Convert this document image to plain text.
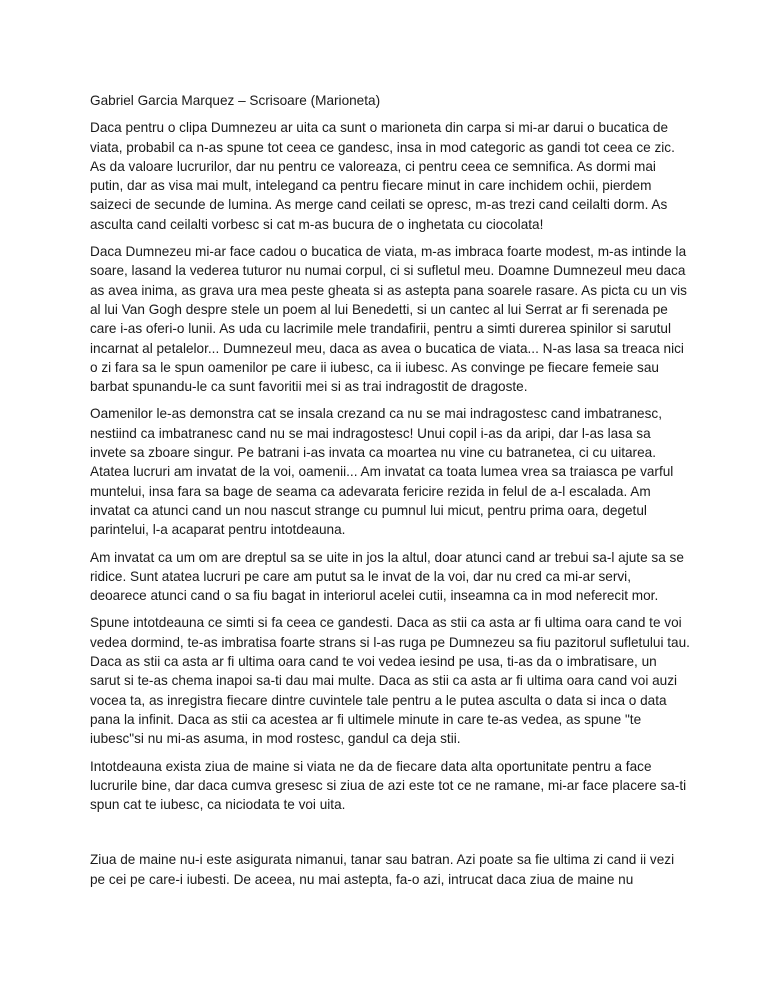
Gabriel Garcia Marquez – Scrisoare (Marioneta)

Daca pentru o clipa Dumnezeu ar uita ca sunt o marioneta din carpa si mi-ar darui o bucatica de viata, probabil ca n-as spune tot ceea ce gandesc, insa in mod categoric as gandi tot ceea ce zic. As da valoare lucrurilor, dar nu pentru ce valoreaza, ci pentru ceea ce semnifica. As dormi mai putin, dar as visa mai mult, intelegand ca pentru fiecare minut in care inchidem ochii, pierdem saizeci de secunde de lumina. As merge cand ceilati se opresc, m-as trezi cand ceilalti dorm. As asculta cand ceilalti vorbesc si cat m-as bucura de o inghetata cu ciocolata!

Daca Dumnezeu mi-ar face cadou o bucatica de viata, m-as imbraca foarte modest, m-as intinde la soare, lasand la vederea tuturor nu numai corpul, ci si sufletul meu. Doamne Dumnezeul meu daca as avea inima, as grava ura mea peste gheata si as astepta pana soarele rasare. As picta cu un vis al lui Van Gogh despre stele un poem al lui Benedetti, si un cantec al lui Serrat ar fi serenada pe care i-as oferi-o lunii. As uda cu lacrimile mele trandafirii, pentru a simti durerea spinilor si sarutul incarnat al petalelor... Dumnezeul meu, daca as avea o bucatica de viata... N-as lasa sa treaca nici o zi fara sa le spun oamenilor pe care ii iubesc, ca ii iubesc. As convinge pe fiecare femeie sau barbat spunandu-le ca sunt favoritii mei si as trai indragostit de dragoste.

Oamenilor le-as demonstra cat se insala crezand ca nu se mai indragostesc cand imbatranesc, nestiind ca imbatranesc cand nu se mai indragostesc! Unui copil i-as da aripi, dar l-as lasa sa invete sa zboare singur. Pe batrani i-as invata ca moartea nu vine cu batranetea, ci cu uitarea. Atatea lucruri am invatat de la voi, oamenii... Am invatat ca toata lumea vrea sa traiasca pe varful muntelui, insa fara sa bage de seama ca adevarata fericire rezida in felul de a-l escalada. Am invatat ca atunci cand un nou nascut strange cu pumnul lui micut, pentru prima oara, degetul parintelui, l-a acaparat pentru intotdeauna.

Am invatat ca um om are dreptul sa se uite in jos la altul, doar atunci cand ar trebui sa-l ajute sa se ridice. Sunt atatea lucruri pe care am putut sa le invat de la voi, dar nu cred ca mi-ar servi, deoarece atunci cand o sa fiu bagat in interiorul acelei cutii, inseamna ca in mod neferecit mor.

Spune intotdeauna ce simti si fa ceea ce gandesti. Daca as stii ca asta ar fi ultima oara cand te voi vedea dormind, te-as imbratisa foarte strans si l-as ruga pe Dumnezeu sa fiu pazitorul sufletului tau. Daca as stii ca asta ar fi ultima oara cand te voi vedea iesind pe usa, ti-as da o imbratisare, un sarut si te-as chema inapoi sa-ti dau mai multe. Daca as stii ca asta ar fi ultima oara cand voi auzi vocea ta, as inregistra fiecare dintre cuvintele tale pentru a le putea asculta o data si inca o data pana la infinit. Daca as stii ca acestea ar fi ultimele minute in care te-as vedea, as spune "te iubesc"si nu mi-as asuma, in mod rostesc, gandul ca deja stii.

Intotdeauna exista ziua de maine si viata ne da de fiecare data alta oportunitate pentru a face lucrurile bine, dar daca cumva gresesc si ziua de azi este tot ce ne ramane, mi-ar face placere sa-ti spun cat te iubesc, ca niciodata te voi uita.

Ziua de maine nu-i este asigurata nimanui, tanar sau batran. Azi poate sa fie ultima zi cand ii vezi pe cei pe care-i iubesti. De aceea, nu mai astepta, fa-o azi, intrucat daca ziua de maine nu
